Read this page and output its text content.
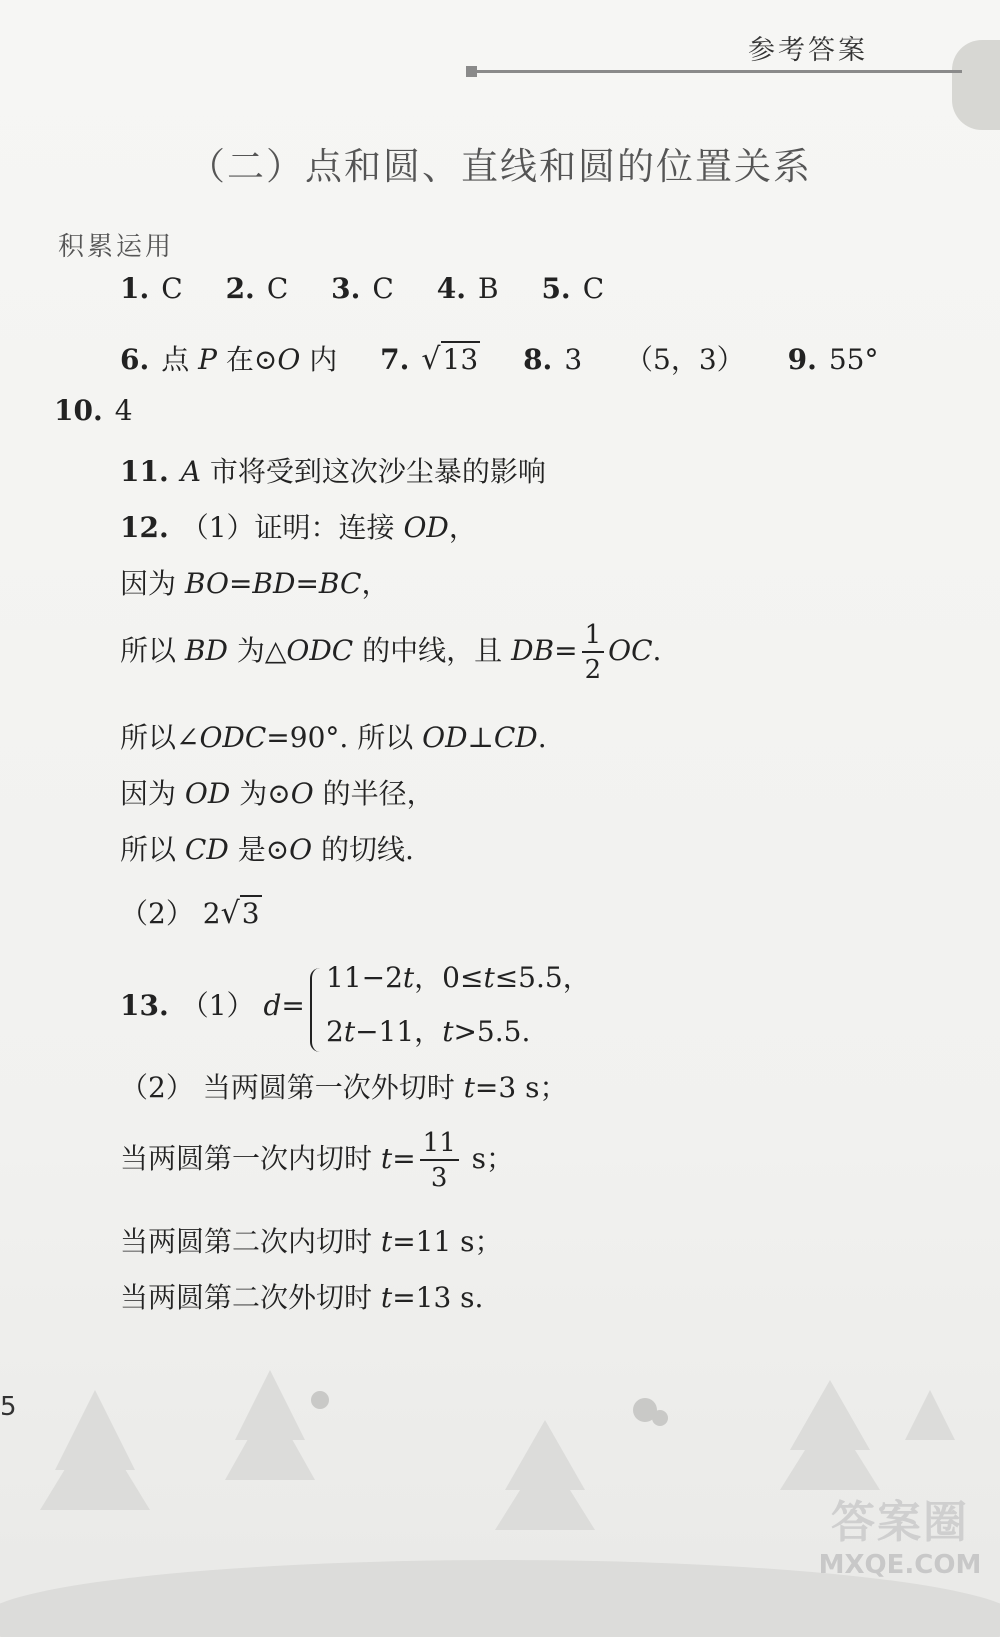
参考答案
（二）点和圆、直线和圆的位置关系
积累运用
1. C 2. C 3. C 4. B 5. C
6. 点 P 在⊙O 内 7. √13 8. 3 （5，3） 9. 55°
10. 4
11. A 市将受到这次沙尘暴的影响
12. （1）证明：连接 OD，
因为 BO=BD=BC，
所以 BD 为△ODC 的中线，且 $DB= \frac{1}{2}$ OC.
所以∠ODC=90°. 所以 OD⊥CD.
因为 OD 为⊙O 的半径，
所以 CD 是⊙O 的切线.
（2） 2√3
13. （1） d=
11−2t，0≤t≤5.5，
2t−11，t>5.5.
（2） 当两圆第一次外切时 t=3 s；
当两圆第一次内切时 $t= \frac{11}{3}$ s；
当两圆第二次内切时 t=11 s；
当两圆第二次外切时 t=13 s.
5
答案圈
MXQE.COM
